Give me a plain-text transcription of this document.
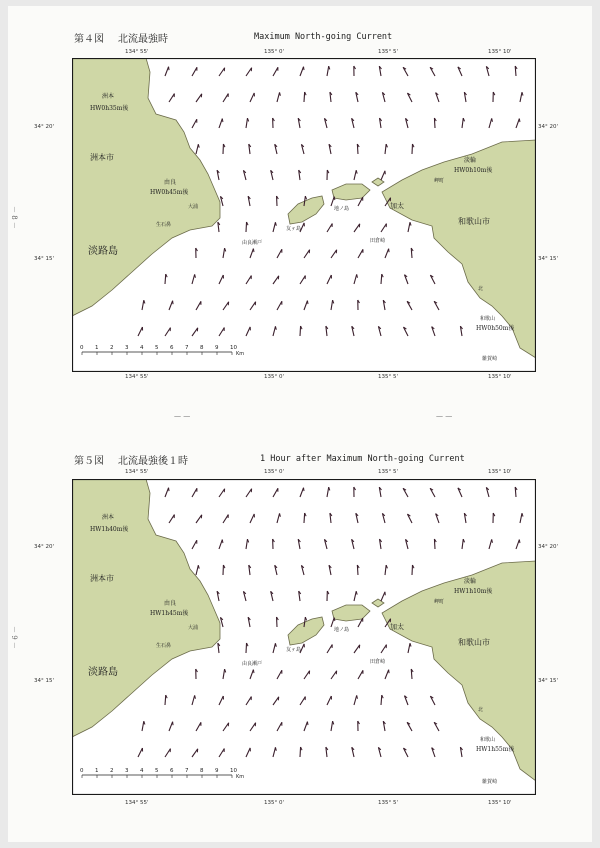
－ 8 －
－ 9 －
— —	— —
第４図 北流最強時	Maximum North-going Current
134° 55'	135° 0'	135° 5'	135° 10'
134° 55'	135° 0'	135° 5'	135° 10'
34° 20'
34° 15'
34° 20'
34° 15'
洲本
HW0h35m後
洲本市
淡路島
由良
HW0h45m後
大浦
生石鼻
由良瀬戸
友ヶ島
地ノ島	加太
淡輪
HW0h10m後
岬町
和歌山市
田倉崎
北
和歌山
HW0h50m後
雑賀崎
0 1 2 3 4 5 6 7 8 9 10
Km
第５図 北流最強後１時	1 Hour after Maximum North-going Current
134° 55'	135° 0'	135° 5'	135° 10'
134° 55'	135° 0'	135° 5'	135° 10'
34° 20'
34° 15'
34° 20'
34° 15'
洲本
HW1h40m後
洲本市
淡路島
由良
HW1h45m後
大浦
生石鼻
由良瀬戸
友ヶ島
地ノ島	加太
淡輪
HW1h10m後
岬町
和歌山市
田倉崎
北
和歌山
HW1h55m後
雑賀崎
0 1 2 3 4 5 6 7 8 9 10
Km
